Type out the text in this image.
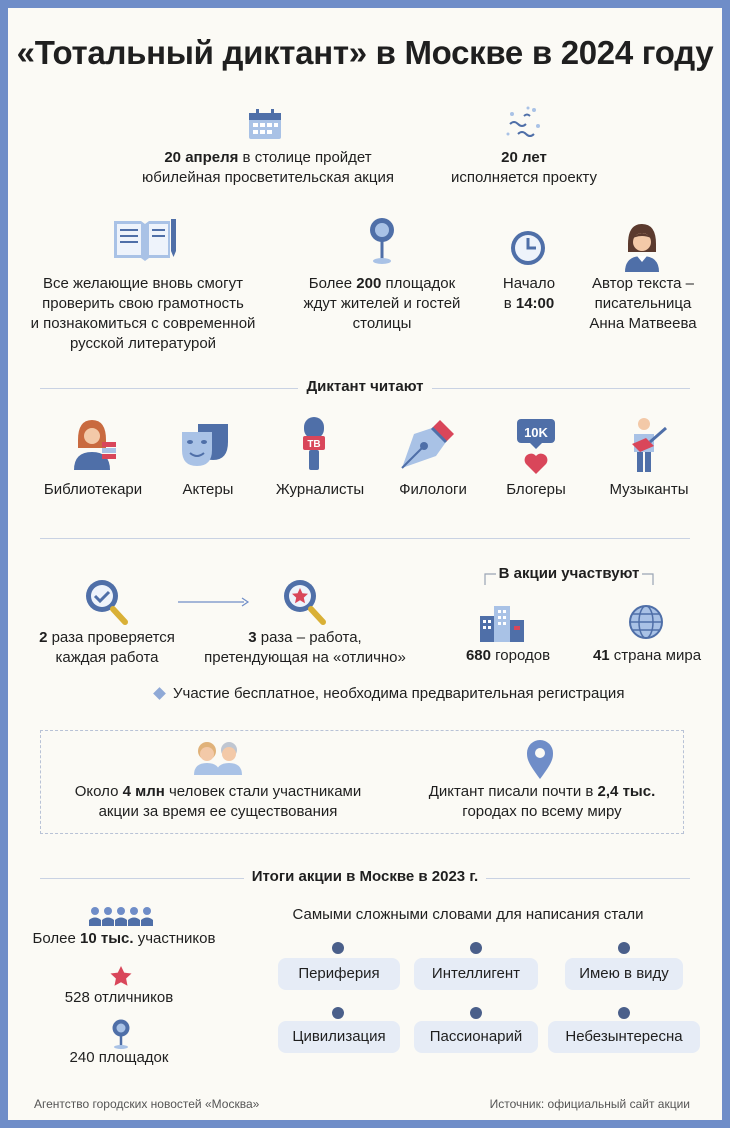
«Тотальный диктант» в Москве в 2024 году
20 апреля в столице пройдет
юбилейная просветительская акция
20 лет
исполняется проекту
Все желающие вновь смогут
проверить свою грамотность
и познакомиться с современной
русской литературой
Более 200 площадок
ждут жителей и гостей
столицы
Начало
в 14:00
Автор текста –
писательница
Анна Матвеева
Диктант читают
Библиотекари	Актеры
ТВ
Журналисты	Филологи
10K
Блогеры	Музыканты
2 раза проверяется
каждая работа
3 раза – работа,
претендующая на «отлично»
В акции участвуют
680 городов	41 страна мира
Участие бесплатное, необходима предварительная регистрация
Около 4 млн человек стали участниками
акции за время ее существования
Диктант писали почти в 2,4 тыс.
городах по всему миру
Итоги акции в Москве в 2023 г.
Более 10 тыс. участников
528 отличников
240 площадок
Самыми сложными словами для написания стали
Периферия	Интеллигент	Имею в виду
Цивилизация	Пассионарий	Небезынтересна
Агентство городских новостей «Москва»	Источник: официальный сайт акции
